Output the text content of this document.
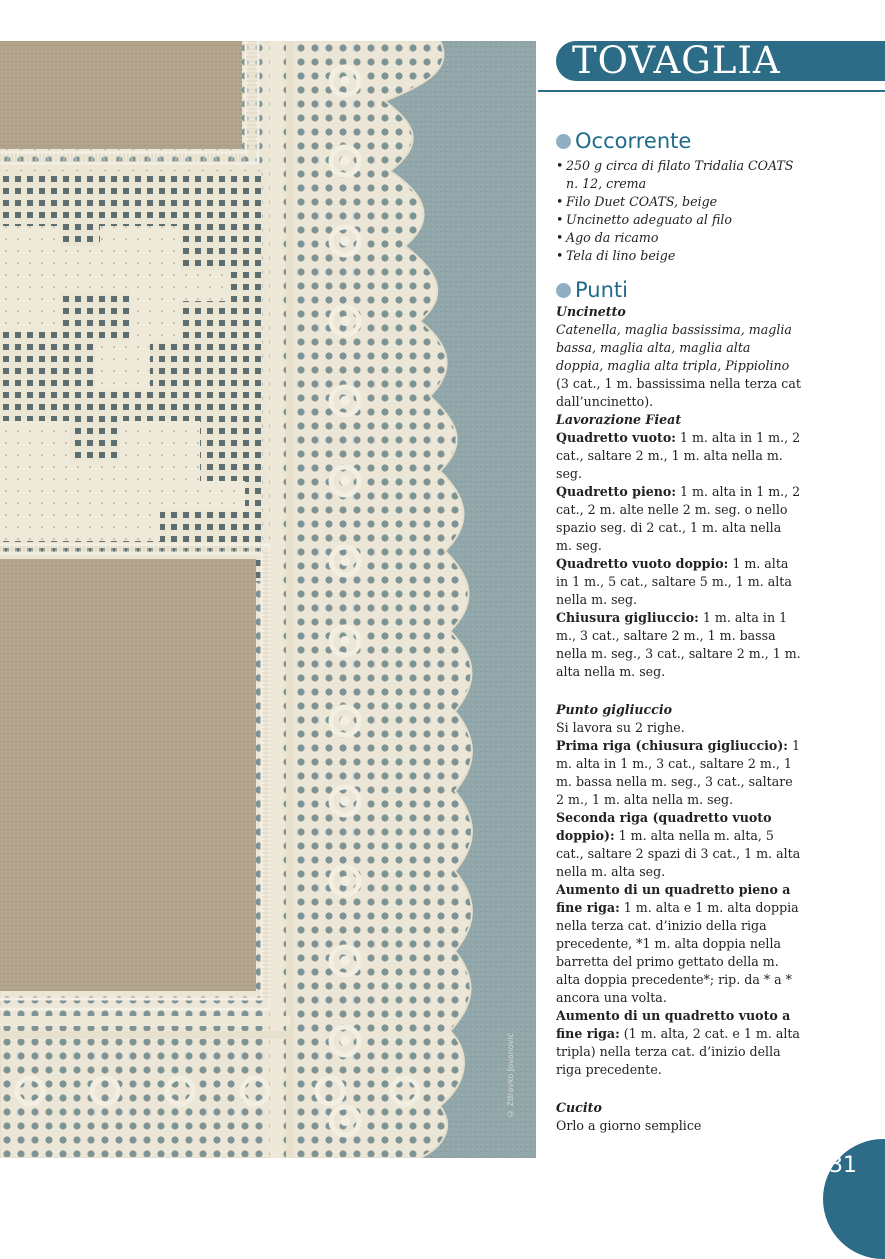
© Zdravko Jovanović
TOVAGLIA
Occorrente
• 250 g circa di filato Tridalia COATS n. 12, crema
• Filo Duet COATS, beige
• Uncinetto adeguato al filo
• Ago da ricamo
• Tela di lino beige
Punti

Uncinetto

Catenella, maglia bassissima, maglia bassa, maglia alta, maglia alta doppia, maglia alta tripla, Pippiolino

(3 cat., 1 m. bassissima nella terza cat dall’uncinetto).

Lavorazione Fieat

Quadretto vuoto: 1 m. alta in 1 m., 2 cat., saltare 2 m., 1 m. alta nella m. seg.

Quadretto pieno: 1 m. alta in 1 m., 2 cat., 2 m. alte nelle 2 m. seg. o nello spazio seg. di 2 cat., 1 m. alta nella m. seg.

Quadretto vuoto doppio: 1 m. alta in 1 m., 5 cat., saltare 5 m., 1 m. alta nella m. seg.

Chiusura gigliuccio: 1 m. alta in 1 m., 3 cat., saltare 2 m., 1 m. bassa nella m. seg., 3 cat., saltare 2 m., 1 m. alta nella m. seg.

Punto gigliuccio

Si lavora su 2 righe.

Prima riga (chiusura gigliuccio): 1 m. alta in 1 m., 3 cat., saltare 2 m., 1 m. bassa nella m. seg., 3 cat., saltare 2 m., 1 m. alta nella m. seg.

Seconda riga (quadretto vuoto doppio): 1 m. alta nella m. alta, 5 cat., saltare 2 spazi di 3 cat., 1 m. alta nella m. alta seg.

Aumento di un quadretto pieno a fine riga: 1 m. alta e 1 m. alta doppia nella terza cat. d’inizio della riga precedente, *1 m. alta doppia nella barretta del primo gettato della m. alta doppia precedente*; rip. da * a * ancora una volta.

Aumento di un quadretto vuoto a fine riga: (1 m. alta, 2 cat. e 1 m. alta tripla) nella terza cat. d’inizio della riga precedente.

Cucito

Orlo a giorno semplice

31
